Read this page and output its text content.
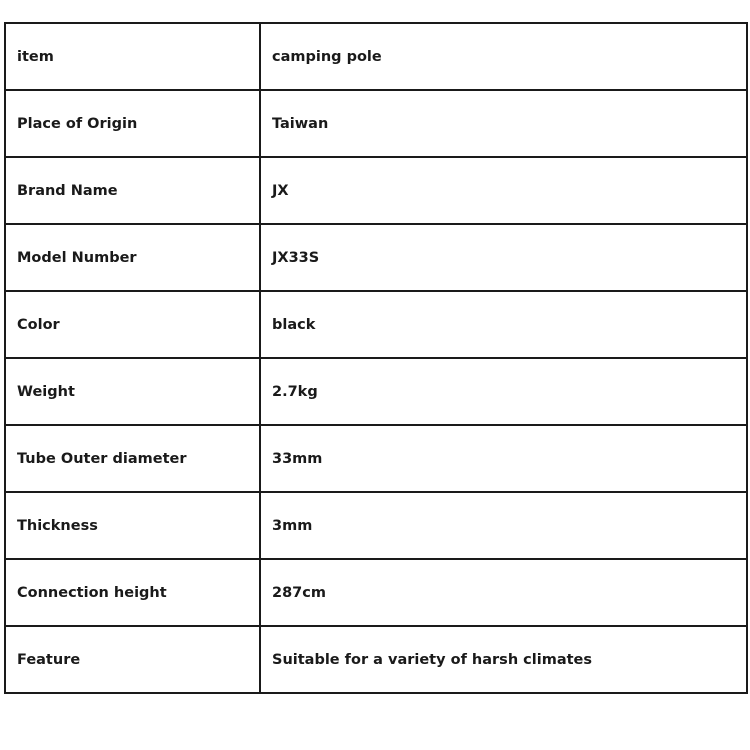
item	camping pole
Place of Origin	Taiwan
Brand Name	JX
Model Number	JX33S
Color	black
Weight	2.7kg
Tube Outer diameter	33mm
Thickness	3mm
Connection height	287cm
Feature	Suitable for a variety of harsh climates
